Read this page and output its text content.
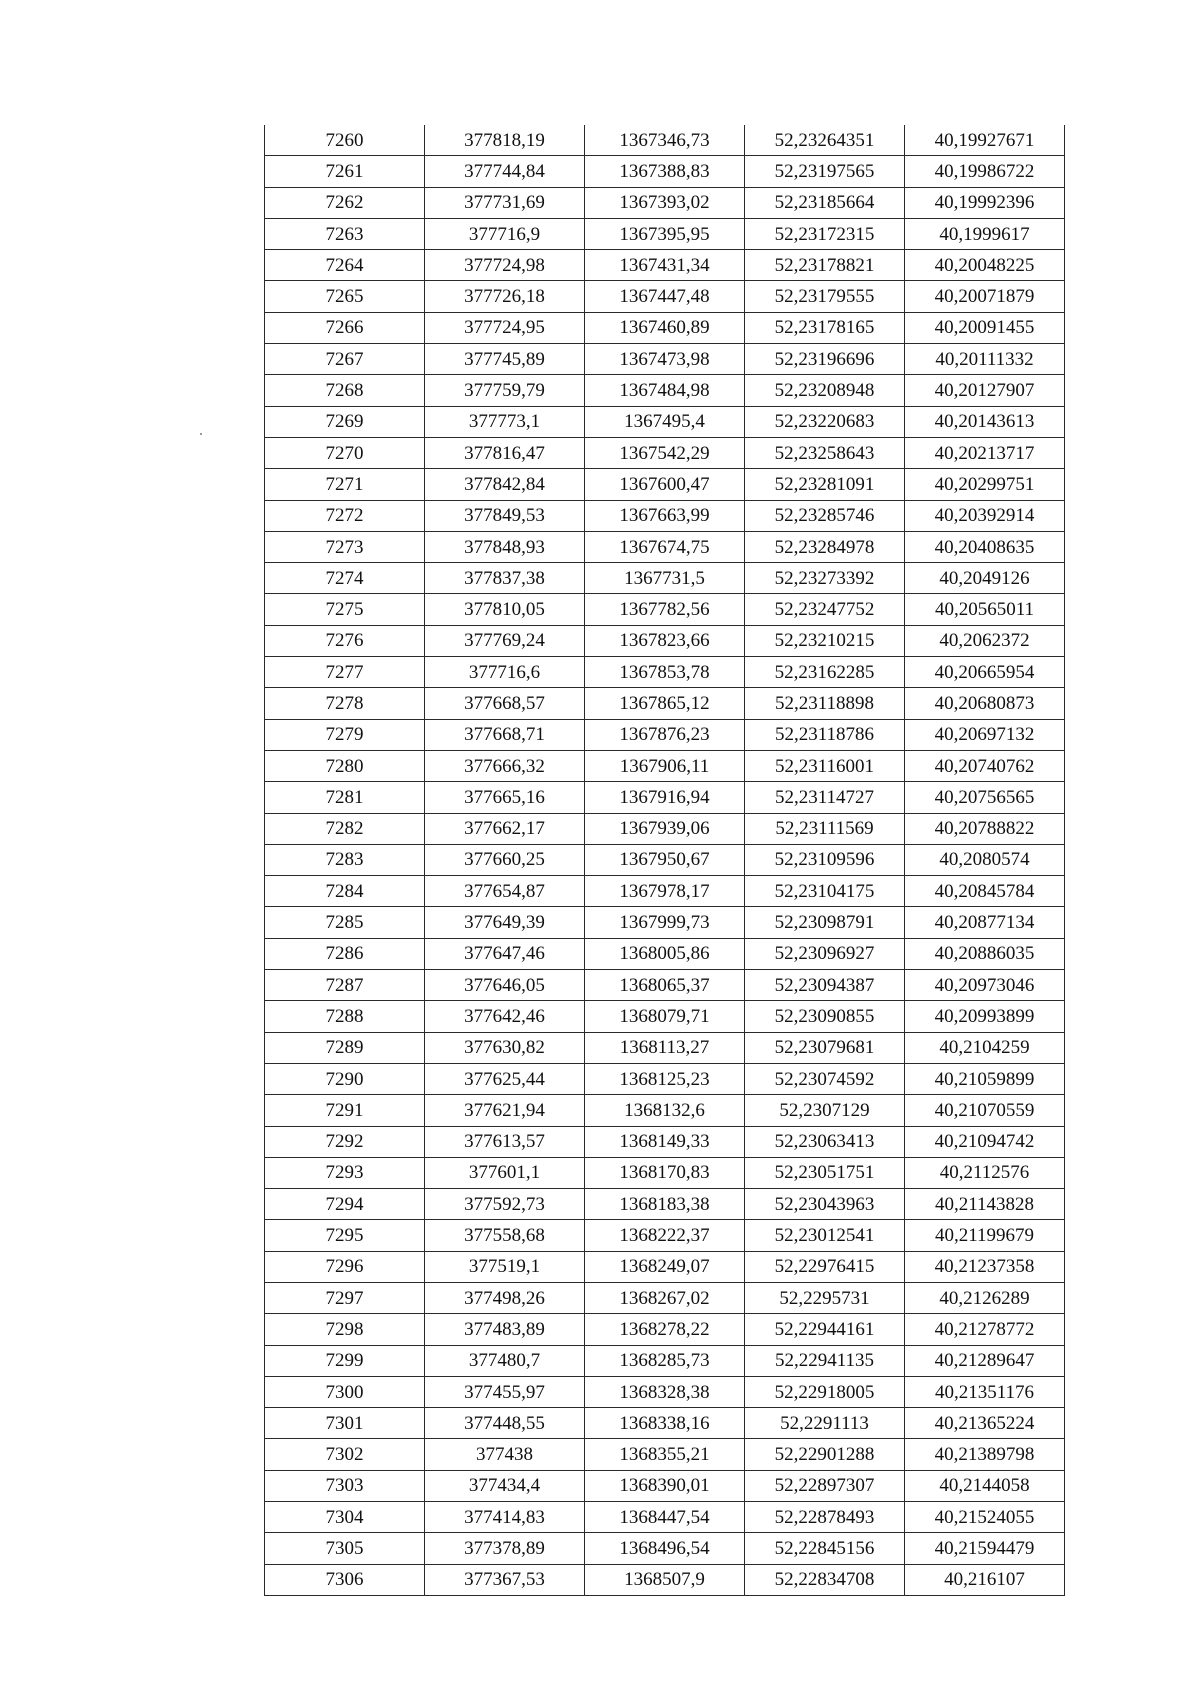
7260	377818,19	1367346,73	52,23264351	40,19927671
7261	377744,84	1367388,83	52,23197565	40,19986722
7262	377731,69	1367393,02	52,23185664	40,19992396
7263	377716,9	1367395,95	52,23172315	40,1999617
7264	377724,98	1367431,34	52,23178821	40,20048225
7265	377726,18	1367447,48	52,23179555	40,20071879
7266	377724,95	1367460,89	52,23178165	40,20091455
7267	377745,89	1367473,98	52,23196696	40,20111332
7268	377759,79	1367484,98	52,23208948	40,20127907
7269	377773,1	1367495,4	52,23220683	40,20143613
7270	377816,47	1367542,29	52,23258643	40,20213717
7271	377842,84	1367600,47	52,23281091	40,20299751
7272	377849,53	1367663,99	52,23285746	40,20392914
7273	377848,93	1367674,75	52,23284978	40,20408635
7274	377837,38	1367731,5	52,23273392	40,2049126
7275	377810,05	1367782,56	52,23247752	40,20565011
7276	377769,24	1367823,66	52,23210215	40,2062372
7277	377716,6	1367853,78	52,23162285	40,20665954
7278	377668,57	1367865,12	52,23118898	40,20680873
7279	377668,71	1367876,23	52,23118786	40,20697132
7280	377666,32	1367906,11	52,23116001	40,20740762
7281	377665,16	1367916,94	52,23114727	40,20756565
7282	377662,17	1367939,06	52,23111569	40,20788822
7283	377660,25	1367950,67	52,23109596	40,2080574
7284	377654,87	1367978,17	52,23104175	40,20845784
7285	377649,39	1367999,73	52,23098791	40,20877134
7286	377647,46	1368005,86	52,23096927	40,20886035
7287	377646,05	1368065,37	52,23094387	40,20973046
7288	377642,46	1368079,71	52,23090855	40,20993899
7289	377630,82	1368113,27	52,23079681	40,2104259
7290	377625,44	1368125,23	52,23074592	40,21059899
7291	377621,94	1368132,6	52,2307129	40,21070559
7292	377613,57	1368149,33	52,23063413	40,21094742
7293	377601,1	1368170,83	52,23051751	40,2112576
7294	377592,73	1368183,38	52,23043963	40,21143828
7295	377558,68	1368222,37	52,23012541	40,21199679
7296	377519,1	1368249,07	52,22976415	40,21237358
7297	377498,26	1368267,02	52,2295731	40,2126289
7298	377483,89	1368278,22	52,22944161	40,21278772
7299	377480,7	1368285,73	52,22941135	40,21289647
7300	377455,97	1368328,38	52,22918005	40,21351176
7301	377448,55	1368338,16	52,2291113	40,21365224
7302	377438	1368355,21	52,22901288	40,21389798
7303	377434,4	1368390,01	52,22897307	40,2144058
7304	377414,83	1368447,54	52,22878493	40,21524055
7305	377378,89	1368496,54	52,22845156	40,21594479
7306	377367,53	1368507,9	52,22834708	40,216107
